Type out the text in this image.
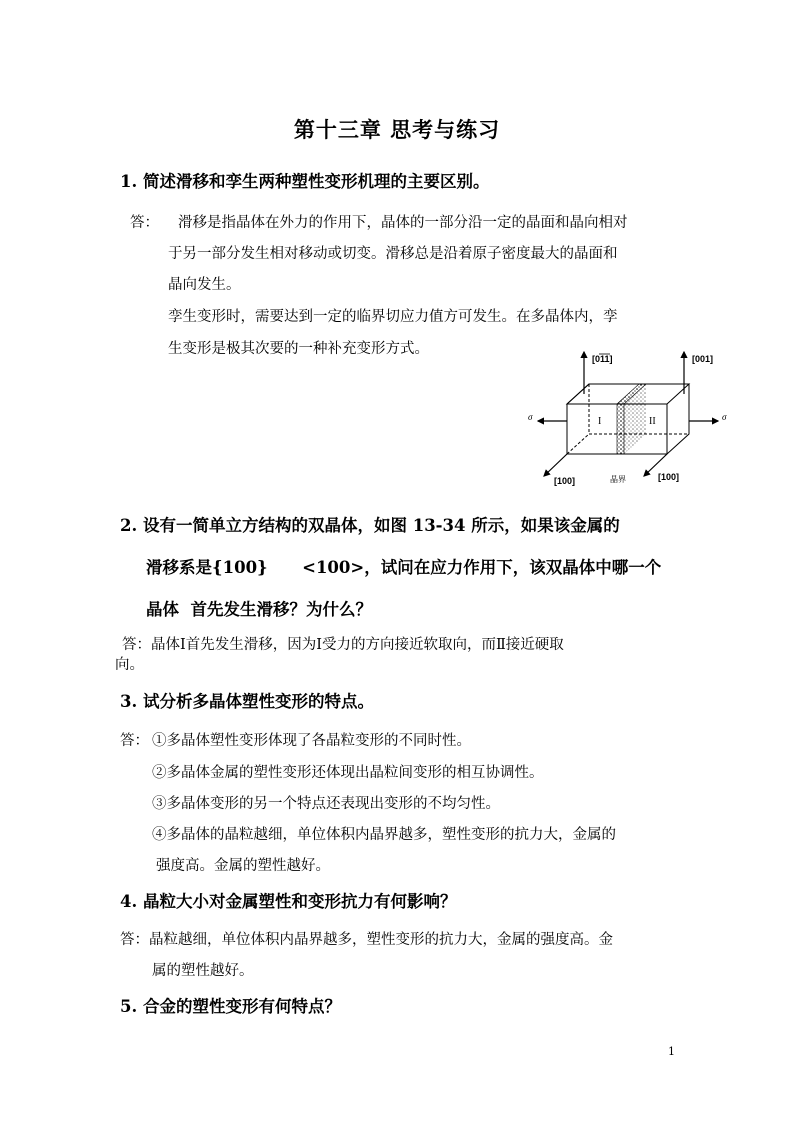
第十三章 思考与练习
1. 简述滑移和孪生两种塑性变形机理的主要区别。
答： 滑移是指晶体在外力的作用下，晶体的一部分沿一定的晶面和晶向相对
于另一部分发生相对移动或切变。滑移总是沿着原子密度最大的晶面和
晶向发生。
孪生变形时，需要达到一定的临界切应力值方可发生。在多晶体内，孪
生变形是极其次要的一种补充变形方式。
[011]	[001]
[100]	[100]
晶界
I	II
σ	σ
2. 设有一简单立方结构的双晶体，如图 13-34 所示，如果该金属的
滑移系是{100}      <100>，试问在应力作用下，该双晶体中哪一个
晶体  首先发生滑移？为什么？
答：晶体Ⅰ首先发生滑移，因为Ⅰ受力的方向接近软取向，而Ⅱ接近硬取
向。
3. 试分析多晶体塑性变形的特点。
答： ①多晶体塑性变形体现了各晶粒变形的不同时性。
②多晶体金属的塑性变形还体现出晶粒间变形的相互协调性。
③多晶体变形的另一个特点还表现出变形的不均匀性。
④多晶体的晶粒越细，单位体积内晶界越多，塑性变形的抗力大，金属的
强度高。金属的塑性越好。
4. 晶粒大小对金属塑性和变形抗力有何影响？
答：晶粒越细，单位体积内晶界越多，塑性变形的抗力大，金属的强度高。金
属的塑性越好。
5. 合金的塑性变形有何特点？
1
